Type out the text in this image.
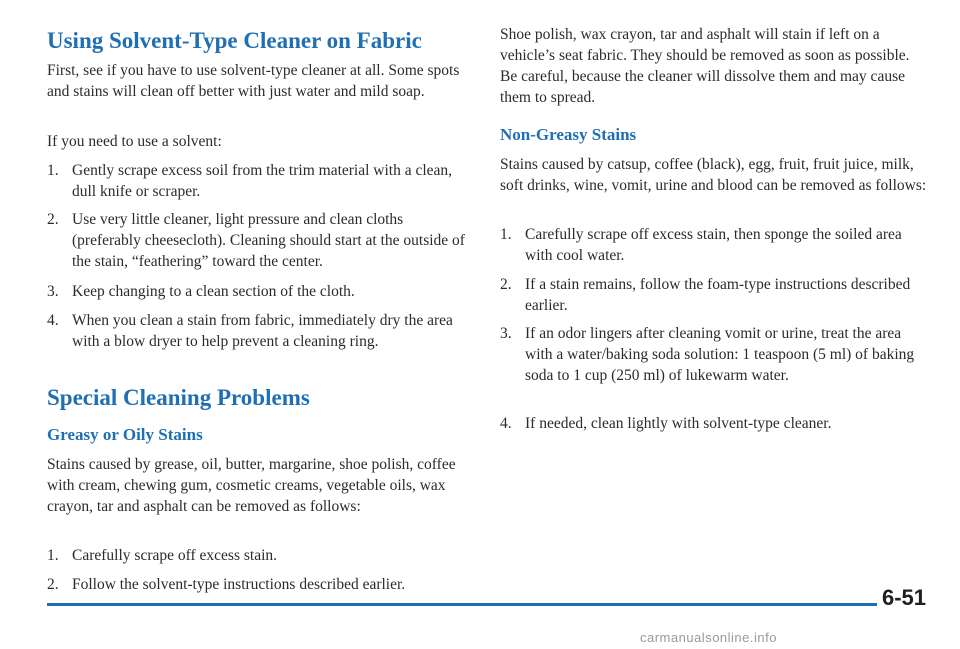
Using Solvent-Type Cleaner on Fabric

First, see if you have to use solvent-type cleaner at all. Some spots and stains will clean off better with just water and mild soap.

If you need to use a solvent:

1. Gently scrape excess soil from the trim material with a clean, dull knife or scraper.
2. Use very little cleaner, light pressure and clean cloths (preferably cheesecloth). Cleaning should start at the outside of the stain, “feathering” toward the center.
3. Keep changing to a clean section of the cloth.
4. When you clean a stain from fabric, immediately dry the area with a blow dryer to help prevent a cleaning ring.
Special Cleaning Problems
Greasy or Oily Stains

Stains caused by grease, oil, butter, margarine, shoe polish, coffee with cream, chewing gum, cosmetic creams, vegetable oils, wax crayon, tar and asphalt can be removed as follows:

1. Carefully scrape off excess stain.
2. Follow the solvent-type instructions described earlier.

Shoe polish, wax crayon, tar and asphalt will stain if left on a vehicle’s seat fabric. They should be removed as soon as possible. Be careful, because the cleaner will dissolve them and may cause them to spread.

Non-Greasy Stains

Stains caused by catsup, coffee (black), egg, fruit, fruit juice, milk, soft drinks, wine, vomit, urine and blood can be removed as follows:

1. Carefully scrape off excess stain, then sponge the soiled area with cool water.
2. If a stain remains, follow the foam-type instructions described earlier.
3. If an odor lingers after cleaning vomit or urine, treat the area with a water/baking soda solution: 1 teaspoon (5 ml) of baking soda to 1 cup (250 ml) of lukewarm water.
4. If needed, clean lightly with solvent-type cleaner.
6-51
carmanualsonline.info
